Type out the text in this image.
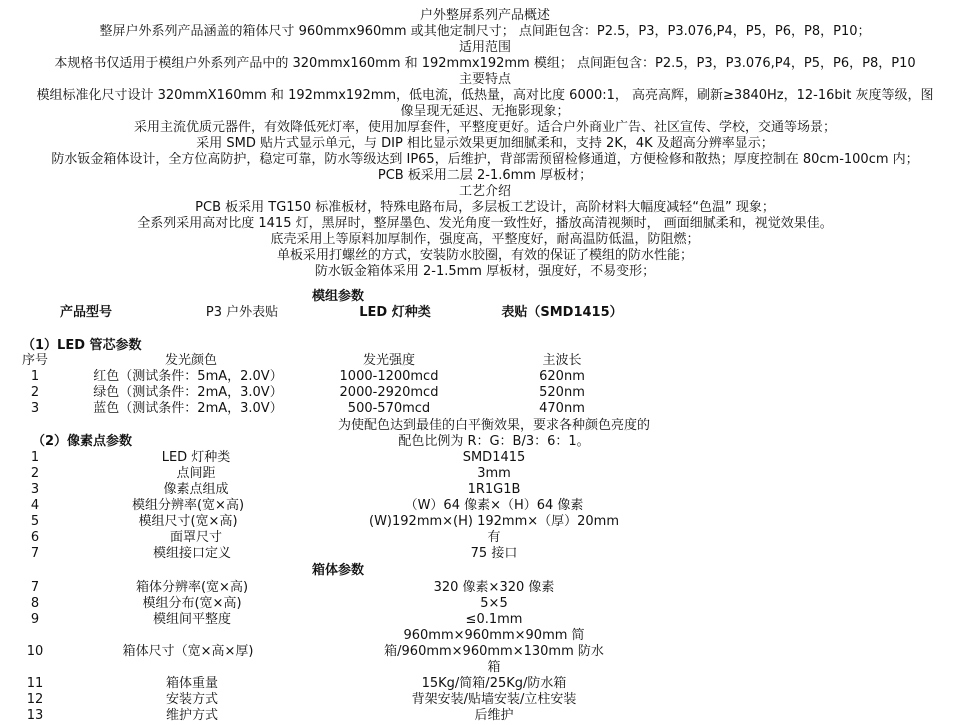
户外整屏系列产品概述

整屏户外系列产品涵盖的箱体尺寸 960mmx960mm 或其他定制尺寸； 点间距包含：P2.5，P3，P3.076,P4，P5，P6，P8，P10；

适用范围

本规格书仅适用于模组户外系列产品中的 320mmx160mm 和 192mmx192mm 模组； 点间距包含：P2.5，P3，P3.076,P4，P5，P6，P8，P10

主要特点

模组标准化尺寸设计 320mmX160mm 和 192mmx192mm，低电流，低热量，高对比度 6000:1， 高亮高辉，刷新≥3840Hz，12-16bit 灰度等级，图

像呈现无延迟、无拖影现象；

采用主流优质元器件，有效降低死灯率，使用加厚套件，平整度更好。适合户外商业广告、社区宣传、学校，交通等场景；

采用 SMD 贴片式显示单元，与 DIP 相比显示效果更加细腻柔和，支持 2K，4K 及超高分辨率显示；

防水钣金箱体设计，全方位高防护，稳定可靠，防水等级达到 IP65，后维护，背部需预留检修通道，方便检修和散热；厚度控制在 80cm-100cm 内；

PCB 板采用二层 2-1.6mm 厚板材；

工艺介绍

PCB 板采用 TG150 标准板材，特殊电路布局，多层板工艺设计，高阶材料大幅度减轻“色温” 现象；

全系列采用高对比度 1415 灯，黑屏时，整屏墨色、发光角度一致性好，播放高清视频时， 画面细腻柔和，视觉效果佳。

底壳采用上等原料加厚制作，强度高，平整度好，耐高温防低温，防阻燃；

单板采用打螺丝的方式，安装防水胶圈，有效的保证了模组的防水性能；

防水钣金箱体采用 2-1.5mm 厚板材，强度好，不易变形；

模组参数
产品型号	P3 户外表贴	LED 灯种类	表贴（SMD1415）
（1）LED 管芯参数
序号	发光颜色	发光强度	主波长
1	红色（测试条件：5mA，2.0V）	1000-1200mcd	620nm
2	绿色（测试条件：2mA，3.0V）	2000-2920mcd	520nm
3	蓝色（测试条件：2mA，3.0V）	500-570mcd	470nm
为使配色达到最佳的白平衡效果，要求各种颜色亮度的
配色比例为 R：G：B/3：6：1。
（2）像素点参数
1	LED 灯种类	SMD1415
2	点间距	3mm
3	像素点组成	1R1G1B
4	模组分辨率(宽×高)	（W）64 像素×（H）64 像素
5	模组尺寸(宽×高)	(W)192mm×(H) 192mm×（厚）20mm
6	面罩尺寸	有
7	模组接口定义	75 接口
箱体参数
7	箱体分辨率(宽×高)	320 像素×320 像素
8	模组分布(宽×高)	5×5
9	模组间平整度	≤0.1mm
960mm×960mm×90mm 简
10	箱体尺寸（宽×高×厚)	箱/960mm×960mm×130mm 防水
箱
11	箱体重量	15Kg/简箱/25Kg/防水箱
12	安装方式	背架安装/贴墙安装/立柱安装
13	维护方式	后维护
